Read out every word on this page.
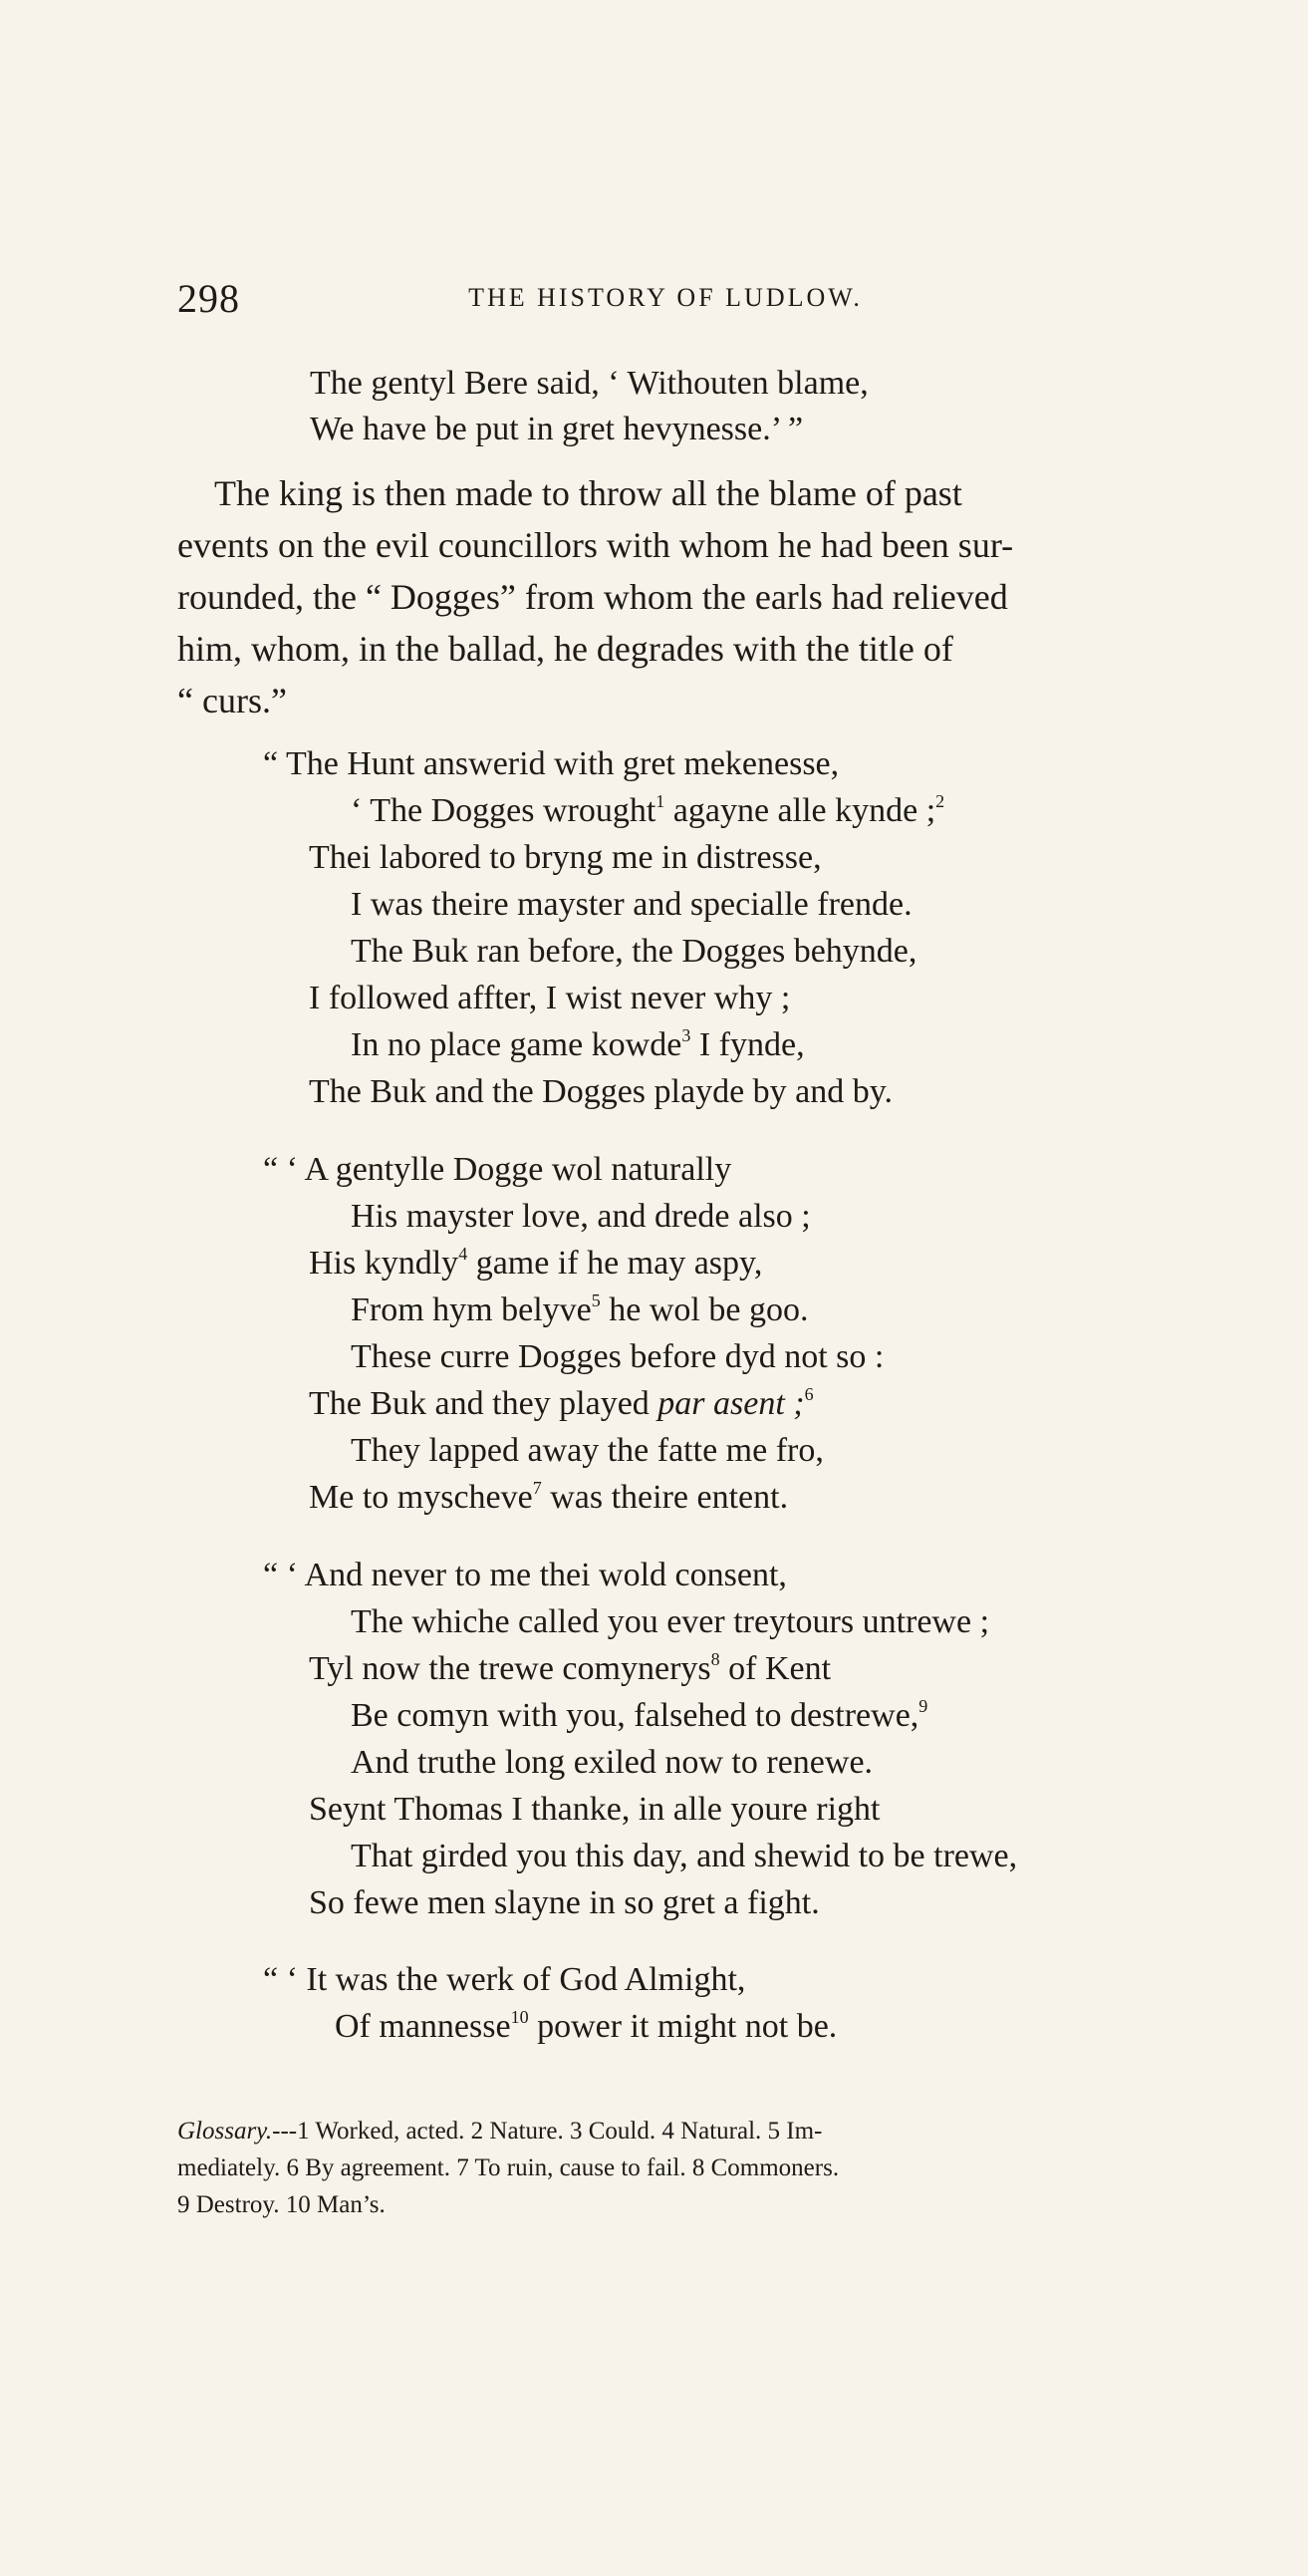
298	THE HISTORY OF LUDLOW.
The gentyl Bere said, ‘ Withouten blame,
We have be put in gret hevynesse.’ ”
The king is then made to throw all the blame of past
events on the evil councillors with whom he had been sur-
rounded, the “ Dogges” from whom the earls had relieved
him, whom, in the ballad, he degrades with the title of
“ curs.”
“ The Hunt answerid with gret mekenesse,
‘ The Dogges wrought$^1$ agayne alle kynde ;$^2$
Thei labored to bryng me in distresse,
I was theire mayster and specialle frende.
The Buk ran before, the Dogges behynde,
I followed affter, I wist never why ;
In no place game kowde$^3$ I fynde,
The Buk and the Dogges playde by and by.
“ ‘ A gentylle Dogge wol naturally
His mayster love, and drede also ;
His kyndly$^4$ game if he may aspy,
From hym belyve$^5$ he wol be goo.
These curre Dogges before dyd not so :
The Buk and they played par asent ;$^6$
They lapped away the fatte me fro,
Me to myscheve$^7$ was theire entent.
“ ‘ And never to me thei wold consent,
The whiche called you ever treytours untrewe ;
Tyl now the trewe comynerys$^8$ of Kent
Be comyn with you, falsehed to destrewe,$^9$
And truthe long exiled now to renewe.
Seynt Thomas I thanke, in alle youre right
That girded you this day, and shewid to be trewe,
So fewe men slayne in so gret a fight.
“ ‘ It was the werk of God Almight,
Of mannesse$^{10}$ power it might not be.
Glossary.---1 Worked, acted. 2 Nature. 3 Could. 4 Natural. 5 Im-
mediately. 6 By agreement. 7 To ruin, cause to fail. 8 Commoners.
9 Destroy. 10 Man’s.
